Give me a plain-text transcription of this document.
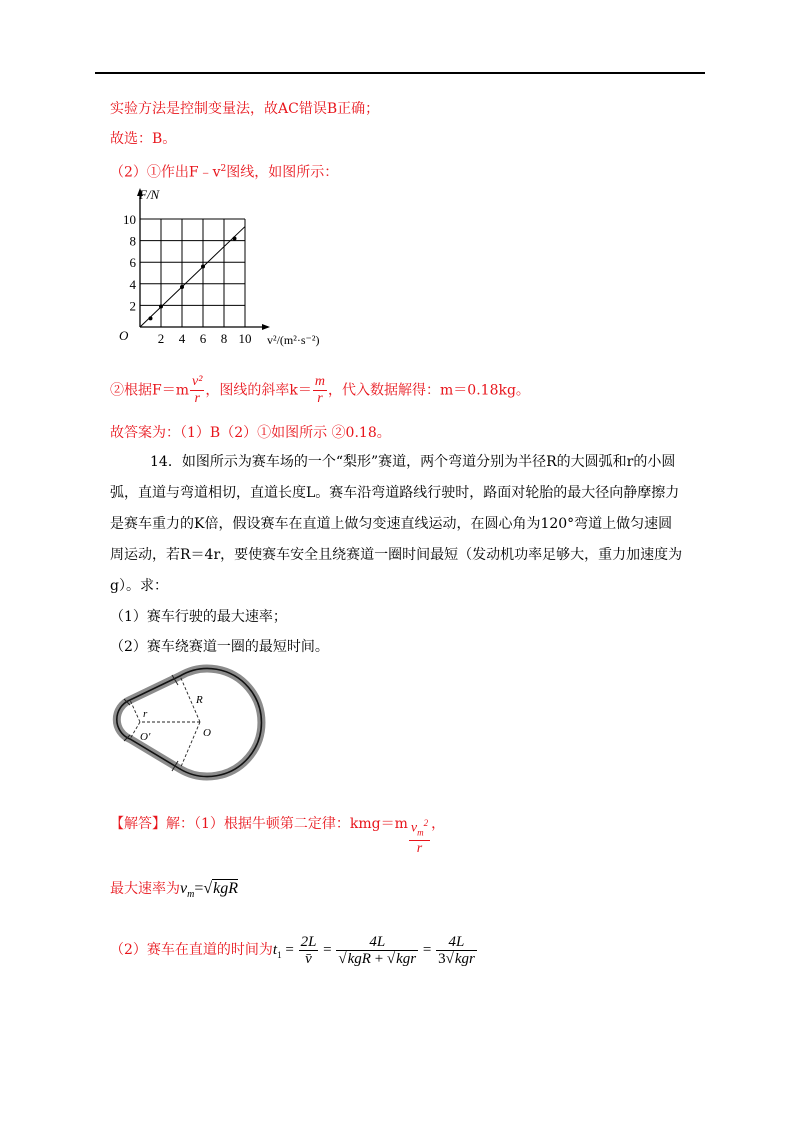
实验方法是控制变量法，故AC错误B正确；
故选：B。
（2）①作出$F﹣v^2$图线，如图所示：
2
4
6
8
10
2 4 6 8 10
F/N
v²/(m²·s⁻²)
O
②根据$F=m \frac{\text{v²}}{r}$ ，图线的斜率$k= \frac{m}{r}$ ，代入数据解得：m＝0.18kg。
故答案为：（1）B（2）①如图所示 ②0.18。
14．如图所示为赛车场的一个“梨形”赛道，两个弯道分别为半径R的大圆弧和r的小圆
弧，直道与弯道相切，直道长度L。赛车沿弯道路线行驶时，路面对轮胎的最大径向静摩擦力
是赛车重力的K倍，假设赛车在直道上做匀变速直线运动，在圆心角为120°弯道上做匀速圆
周运动，若R＝4r，要使赛车安全且绕赛道一圈时间最短（发动机功率足够大，重力加速度为
g）。求：
（1）赛车行驶的最大速率；
（2）赛车绕赛道一圈的最短时间。
R
r
O
O′
【解答】解：（1）根据牛顿第二定律：$kmg=m \frac{v_m^2}{r}$ ，
最大速率为$v_m=√kgR$
（2）赛车在直道的时间为$t_1 = \frac{2L}{v̄} = \frac{4L}{\text{√kgR + √kgr}} = \frac{4L}{\text{3√kgr}}$
